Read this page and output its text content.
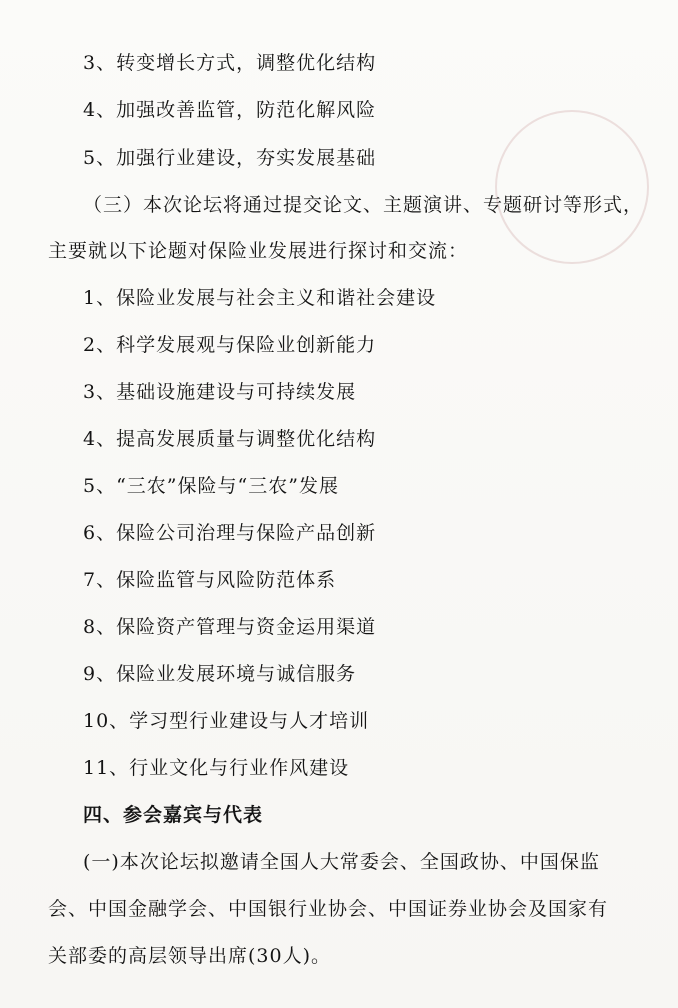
3、转变增长方式，调整优化结构
4、加强改善监管，防范化解风险
5、加强行业建设，夯实发展基础
（三）本次论坛将通过提交论文、主题演讲、专题研讨等形式，
主要就以下论题对保险业发展进行探讨和交流：
1、保险业发展与社会主义和谐社会建设
2、科学发展观与保险业创新能力
3、基础设施建设与可持续发展
4、提高发展质量与调整优化结构
5、“三农”保险与“三农”发展
6、保险公司治理与保险产品创新
7、保险监管与风险防范体系
8、保险资产管理与资金运用渠道
9、保险业发展环境与诚信服务
10、学习型行业建设与人才培训
11、行业文化与行业作风建设
四、参会嘉宾与代表
(一)本次论坛拟邀请全国人大常委会、全国政协、中国保监
会、中国金融学会、中国银行业协会、中国证券业协会及国家有
关部委的高层领导出席(30人)。
